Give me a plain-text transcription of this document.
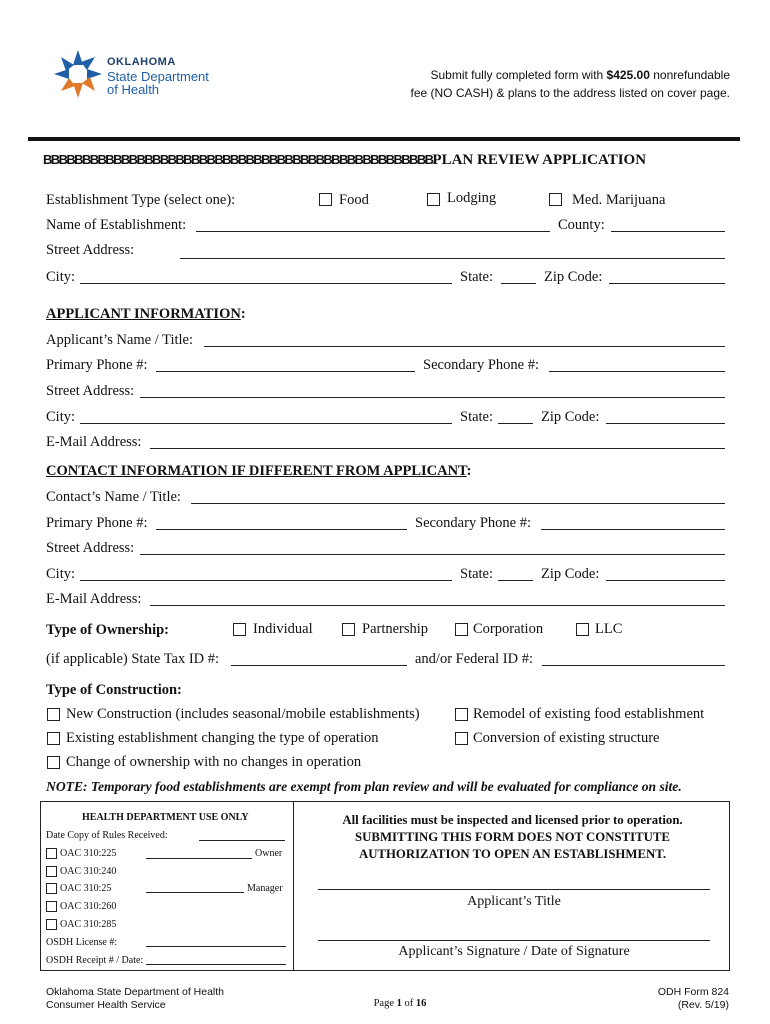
OKLAHOMA
State Department
of Health
Submit fully completed form with $425.00 nonrefundable
fee (NO CASH) & plans to the address listed on cover page.
BBBBBBBBBBBBBBBBBBBBBBBBBBBBBBBBBBBBBBBBBBBBBBBBBBPLAN REVIEW APPLICATION
Establishment Type (select one):	Food	Lodging	Med. Marijuana
Name of Establishment:	County:
Street Address:
City:	State:	Zip Code:
APPLICANT INFORMATION:
Applicant’s Name / Title:
Primary Phone #:	Secondary Phone #:
Street Address:
City:	State:	Zip Code:
E-Mail Address:
CONTACT INFORMATION IF DIFFERENT FROM APPLICANT:
Contact’s Name / Title:
Primary Phone #:	Secondary Phone #:
Street Address:
City:	State:	Zip Code:
E-Mail Address:
Type of Ownership:	Individual	Partnership	Corporation	LLC
(if applicable) State Tax ID #:	and/or Federal ID #:
Type of Construction:
New Construction (includes seasonal/mobile establishments)	Remodel of existing food establishment
Existing establishment changing the type of operation	Conversion of existing structure
Change of ownership with no changes in operation
NOTE: Temporary food establishments are exempt from plan review and will be evaluated for compliance on site.
HEALTH DEPARTMENT USE ONLY
Date Copy of Rules Received:
OAC 310:225	Owner
OAC 310:240
OAC 310:25	Manager
OAC 310:260
OAC 310:285
OSDH License #:
OSDH Receipt # / Date:
All facilities must be inspected and licensed prior to operation.
SUBMITTING THIS FORM DOES NOT CONSTITUTE
AUTHORIZATION TO OPEN AN ESTABLISHMENT.
Applicant’s Title
Applicant’s Signature / Date of Signature
Oklahoma State Department of Health
Consumer Health Service	Page 1 of 16
ODH Form 824
(Rev. 5/19)
